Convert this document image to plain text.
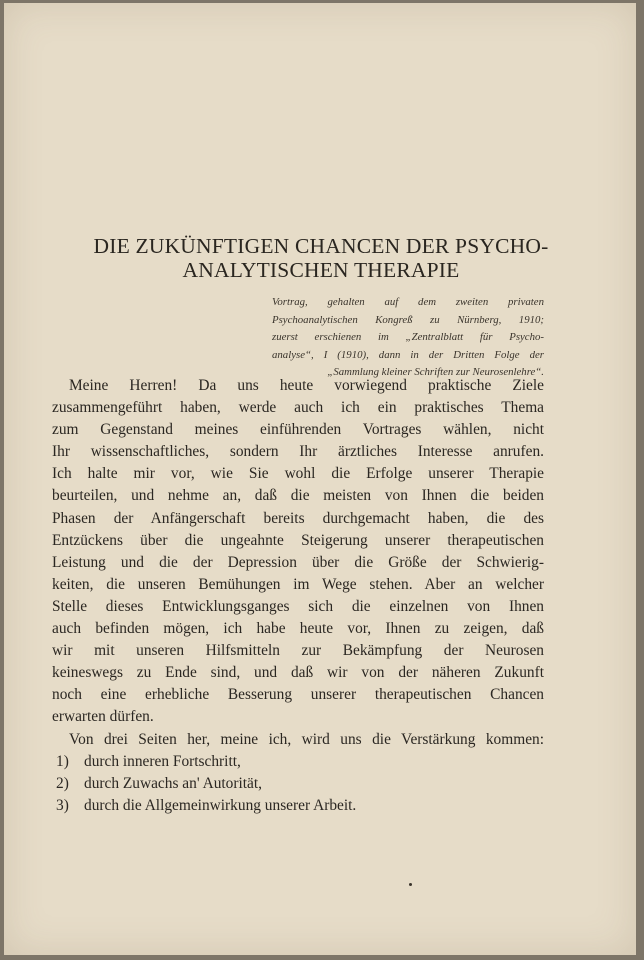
DIE ZUKÜNFTIGEN CHANCEN DER PSYCHO-
ANALYTISCHEN THERAPIE
Vortrag, gehalten auf dem zweiten privaten
Psychoanalytischen Kongreß zu Nürnberg, 1910;
zuerst erschienen im „Zentralblatt für Psycho-
analyse“, I (1910), dann in der Dritten Folge der
„Sammlung kleiner Schriften zur Neurosenlehre“.
Meine Herren! Da uns heute vorwiegend praktische Ziele
zusammengeführt haben, werde auch ich ein praktisches Thema
zum Gegenstand meines einführenden Vortrages wählen, nicht
Ihr wissenschaftliches, sondern Ihr ärztliches Interesse anrufen.
Ich halte mir vor, wie Sie wohl die Erfolge unserer Therapie
beurteilen, und nehme an, daß die meisten von Ihnen die beiden
Phasen der Anfängerschaft bereits durchgemacht haben, die des
Entzückens über die ungeahnte Steigerung unserer therapeutischen
Leistung und die der Depression über die Größe der Schwierig-
keiten, die unseren Bemühungen im Wege stehen. Aber an welcher
Stelle dieses Entwicklungsganges sich die einzelnen von Ihnen
auch befinden mögen, ich habe heute vor, Ihnen zu zeigen, daß
wir mit unseren Hilfsmitteln zur Bekämpfung der Neurosen
keineswegs zu Ende sind, und daß wir von der näheren Zukunft
noch eine erhebliche Besserung unserer therapeutischen Chancen
erwarten dürfen.
Von drei Seiten her, meine ich, wird uns die Verstärkung kommen:
1) durch inneren Fortschritt,
2) durch Zuwachs an' Autorität,
3) durch die Allgemeinwirkung unserer Arbeit.
